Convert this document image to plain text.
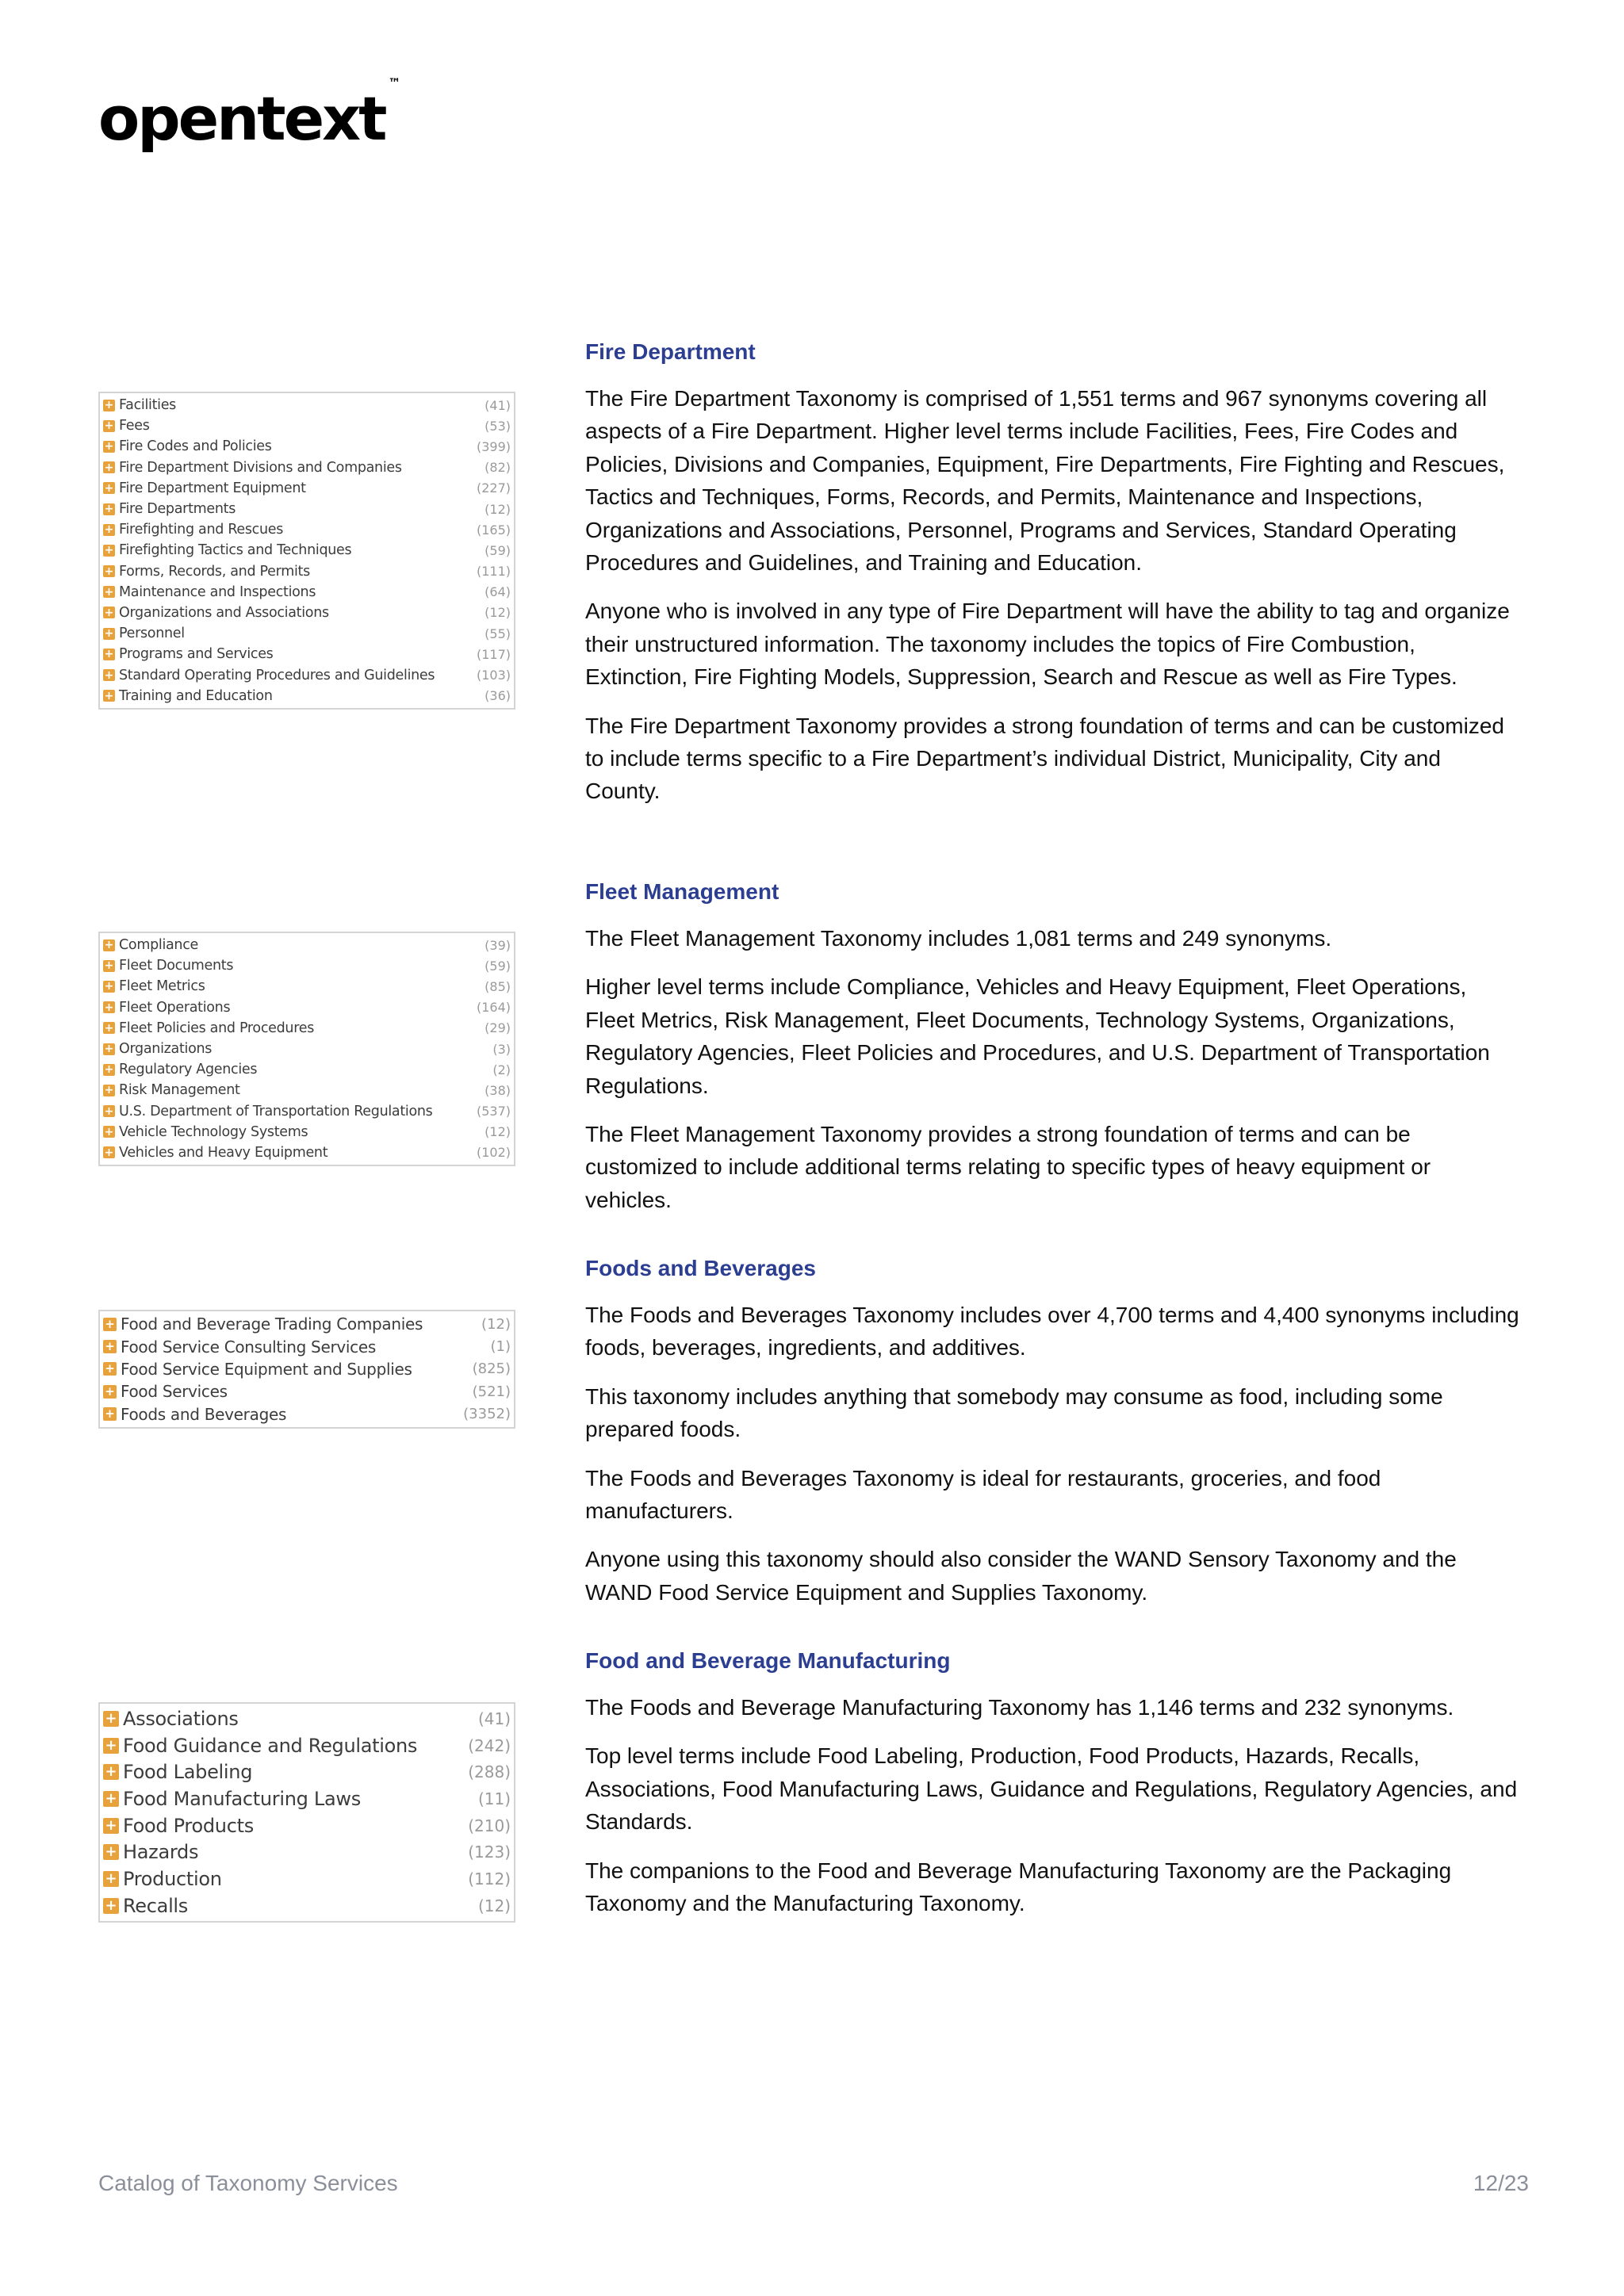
opentext™
Fire Department
+ Facilities	(41)
+ Fees	(53)
+ Fire Codes and Policies	(399)
+ Fire Department Divisions and Companies	(82)
+ Fire Department Equipment	(227)
+ Fire Departments	(12)
+ Firefighting and Rescues	(165)
+ Firefighting Tactics and Techniques	(59)
+ Forms, Records, and Permits	(111)
+ Maintenance and Inspections	(64)
+ Organizations and Associations	(12)
+ Personnel	(55)
+ Programs and Services	(117)
+ Standard Operating Procedures and Guidelines	(103)
+ Training and Education	(36)

The Fire Department Taxonomy is comprised of 1,551 terms and 967 synonyms covering all aspects of a Fire Department. Higher level terms include Facilities, Fees, Fire Codes and Policies, Divisions and Companies, Equipment, Fire Departments, Fire Fighting and Rescues, Tactics and Techniques, Forms, Records, and Permits, Maintenance and Inspections, Organizations and Associations, Personnel, Programs and Services, Standard Operating Procedures and Guidelines, and Training and Education.

Anyone who is involved in any type of Fire Department will have the ability to tag and organize their unstructured information. The taxonomy includes the topics of Fire Combustion, Extinction, Fire Fighting Models, Suppression, Search and Rescue as well as Fire Types.

The Fire Department Taxonomy provides a strong foundation of terms and can be customized to include terms specific to a Fire Department’s individual District, Municipality, City and County.

Fleet Management
+ Compliance	(39)
+ Fleet Documents	(59)
+ Fleet Metrics	(85)
+ Fleet Operations	(164)
+ Fleet Policies and Procedures	(29)
+ Organizations	(3)
+ Regulatory Agencies	(2)
+ Risk Management	(38)
+ U.S. Department of Transportation Regulations	(537)
+ Vehicle Technology Systems	(12)
+ Vehicles and Heavy Equipment	(102)

The Fleet Management Taxonomy includes 1,081 terms and 249 synonyms.

Higher level terms include Compliance, Vehicles and Heavy Equipment, Fleet Operations, Fleet Metrics, Risk Management, Fleet Documents, Technology Systems, Organizations, Regulatory Agencies, Fleet Policies and Procedures, and U.S. Department of Transportation Regulations.

The Fleet Management Taxonomy provides a strong foundation of terms and can be customized to include additional terms relating to specific types of heavy equipment or vehicles.

Foods and Beverages
+ Food and Beverage Trading Companies	(12)
+ Food Service Consulting Services	(1)
+ Food Service Equipment and Supplies	(825)
+ Food Services	(521)
+ Foods and Beverages	(3352)

The Foods and Beverages Taxonomy includes over 4,700 terms and 4,400 synonyms including foods, beverages, ingredients, and additives.

This taxonomy includes anything that somebody may consume as food, including some prepared foods.

The Foods and Beverages Taxonomy is ideal for restaurants, groceries, and food manufacturers.

Anyone using this taxonomy should also consider the WAND Sensory Taxonomy and the WAND Food Service Equipment and Supplies Taxonomy.

Food and Beverage Manufacturing
+ Associations	(41)
+ Food Guidance and Regulations	(242)
+ Food Labeling	(288)
+ Food Manufacturing Laws	(11)
+ Food Products	(210)
+ Hazards	(123)
+ Production	(112)
+ Recalls	(12)

The Foods and Beverage Manufacturing Taxonomy has 1,146 terms and 232 synonyms.

Top level terms include Food Labeling, Production, Food Products, Hazards, Recalls, Associations, Food Manufacturing Laws, Guidance and Regulations, Regulatory Agencies, and Standards.

The companions to the Food and Beverage Manufacturing Taxonomy are the Packaging Taxonomy and the Manufacturing Taxonomy.

Catalog of Taxonomy Services	12/23
